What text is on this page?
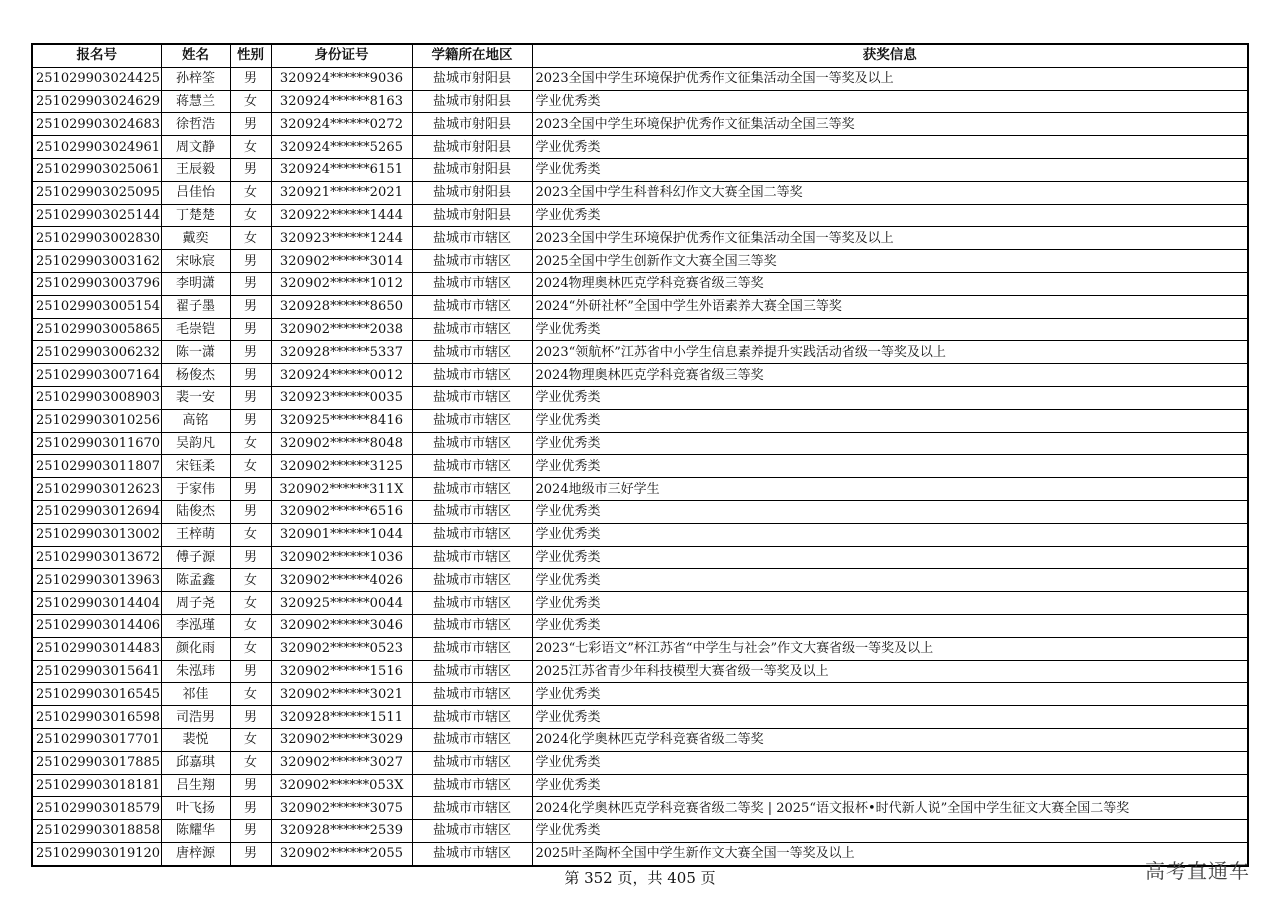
报名号	姓名	性别	身份证号	学籍所在地区	获奖信息
251029903024425	孙梓筌	男	320924******9036	盐城市射阳县	2023全国中学生环境保护优秀作文征集活动全国一等奖及以上
251029903024629	蒋慧兰	女	320924******8163	盐城市射阳县	学业优秀类
251029903024683	徐哲浩	男	320924******0272	盐城市射阳县	2023全国中学生环境保护优秀作文征集活动全国三等奖
251029903024961	周文静	女	320924******5265	盐城市射阳县	学业优秀类
251029903025061	王辰毅	男	320924******6151	盐城市射阳县	学业优秀类
251029903025095	吕佳怡	女	320921******2021	盐城市射阳县	2023全国中学生科普科幻作文大赛全国二等奖
251029903025144	丁楚楚	女	320922******1444	盐城市射阳县	学业优秀类
251029903002830	戴奕	女	320923******1244	盐城市市辖区	2023全国中学生环境保护优秀作文征集活动全国一等奖及以上
251029903003162	宋咏宸	男	320902******3014	盐城市市辖区	2025全国中学生创新作文大赛全国三等奖
251029903003796	李明潇	男	320902******1012	盐城市市辖区	2024物理奥林匹克学科竞赛省级三等奖
251029903005154	翟子墨	男	320928******8650	盐城市市辖区	2024“外研社杯”全国中学生外语素养大赛全国三等奖
251029903005865	毛崇铠	男	320902******2038	盐城市市辖区	学业优秀类
251029903006232	陈一潇	男	320928******5337	盐城市市辖区	2023“领航杯”江苏省中小学生信息素养提升实践活动省级一等奖及以上
251029903007164	杨俊杰	男	320924******0012	盐城市市辖区	2024物理奥林匹克学科竞赛省级三等奖
251029903008903	裴一安	男	320923******0035	盐城市市辖区	学业优秀类
251029903010256	高铭	男	320925******8416	盐城市市辖区	学业优秀类
251029903011670	吴韵凡	女	320902******8048	盐城市市辖区	学业优秀类
251029903011807	宋钰柔	女	320902******3125	盐城市市辖区	学业优秀类
251029903012623	于家伟	男	320902******311X	盐城市市辖区	2024地级市三好学生
251029903012694	陆俊杰	男	320902******6516	盐城市市辖区	学业优秀类
251029903013002	王梓萌	女	320901******1044	盐城市市辖区	学业优秀类
251029903013672	傅子源	男	320902******1036	盐城市市辖区	学业优秀类
251029903013963	陈孟鑫	女	320902******4026	盐城市市辖区	学业优秀类
251029903014404	周子尧	女	320925******0044	盐城市市辖区	学业优秀类
251029903014406	李泓瑾	女	320902******3046	盐城市市辖区	学业优秀类
251029903014483	颜化雨	女	320902******0523	盐城市市辖区	2023“七彩语文”杯江苏省“中学生与社会”作文大赛省级一等奖及以上
251029903015641	朱泓玮	男	320902******1516	盐城市市辖区	2025江苏省青少年科技模型大赛省级一等奖及以上
251029903016545	祁佳	女	320902******3021	盐城市市辖区	学业优秀类
251029903016598	司浩男	男	320928******1511	盐城市市辖区	学业优秀类
251029903017701	裴悦	女	320902******3029	盐城市市辖区	2024化学奥林匹克学科竞赛省级二等奖
251029903017885	邱嘉琪	女	320902******3027	盐城市市辖区	学业优秀类
251029903018181	吕生翔	男	320902******053X	盐城市市辖区	学业优秀类
251029903018579	叶飞扬	男	320902******3075	盐城市市辖区	2024化学奥林匹克学科竞赛省级二等奖 | 2025“语文报杯•时代新人说”全国中学生征文大赛全国二等奖
251029903018858	陈耀华	男	320928******2539	盐城市市辖区	学业优秀类
251029903019120	唐梓源	男	320902******2055	盐城市市辖区	2025叶圣陶杯全国中学生新作文大赛全国一等奖及以上
第 352 页，共 405 页	高考直通车
